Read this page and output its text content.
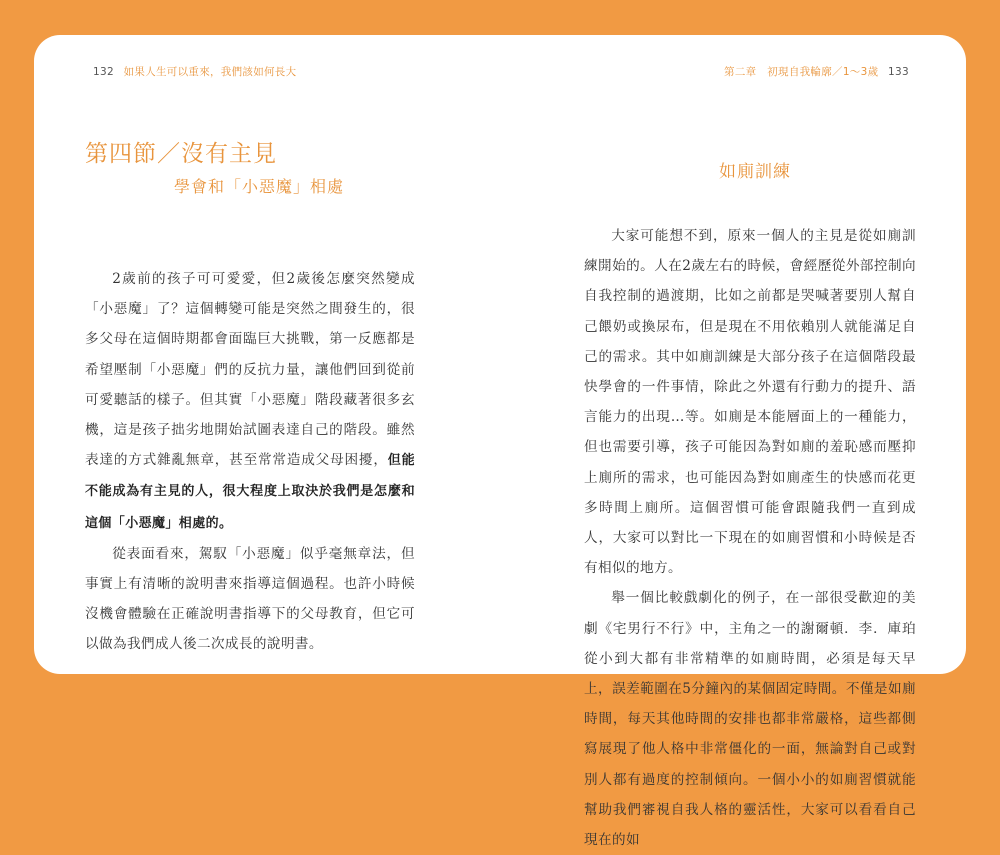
132 如果人生可以重來，我們該如何長大	第二章　初現自我輪廓／1～3歲 133
第四節／沒有主見
學會和「小惡魔」相處

2歲前的孩子可可愛愛，但2歲後怎麼突然變成「小惡魔」了？這個轉變可能是突然之間發生的，很多父母在這個時期都會面臨巨大挑戰，第一反應都是希望壓制「小惡魔」們的反抗力量，讓他們回到從前可愛聽話的樣子。但其實「小惡魔」階段藏著很多玄機，這是孩子拙劣地開始試圖表達自己的階段。雖然表達的方式雜亂無章，甚至常常造成父母困擾，但能不能成為有主見的人，很大程度上取決於我們是怎麼和這個「小惡魔」相處的。

從表面看來，駕馭「小惡魔」似乎毫無章法，但事實上有清晰的說明書來指導這個過程。也許小時候沒機會體驗在正確說明書指導下的父母教育，但它可以做為我們成人後二次成長的說明書。

如廁訓練

大家可能想不到，原來一個人的主見是從如廁訓練開始的。人在2歲左右的時候，會經歷從外部控制向自我控制的過渡期，比如之前都是哭喊著要別人幫自己餵奶或換尿布，但是現在不用依賴別人就能滿足自己的需求。其中如廁訓練是大部分孩子在這個階段最快學會的一件事情，除此之外還有行動力的提升、語言能力的出現…等。如廁是本能層面上的一種能力，但也需要引導，孩子可能因為對如廁的羞恥感而壓抑上廁所的需求，也可能因為對如廁產生的快感而花更多時間上廁所。這個習慣可能會跟隨我們一直到成人，大家可以對比一下現在的如廁習慣和小時候是否有相似的地方。

舉一個比較戲劇化的例子，在一部很受歡迎的美劇《宅男行不行》中，主角之一的謝爾頓．李．庫珀從小到大都有非常精準的如廁時間，必須是每天早上，誤差範圍在5分鐘內的某個固定時間。不僅是如廁時間，每天其他時間的安排也都非常嚴格，這些都側寫展現了他人格中非常僵化的一面，無論對自己或對別人都有過度的控制傾向。一個小小的如廁習慣就能幫助我們審視自我人格的靈活性，大家可以看看自己現在的如
